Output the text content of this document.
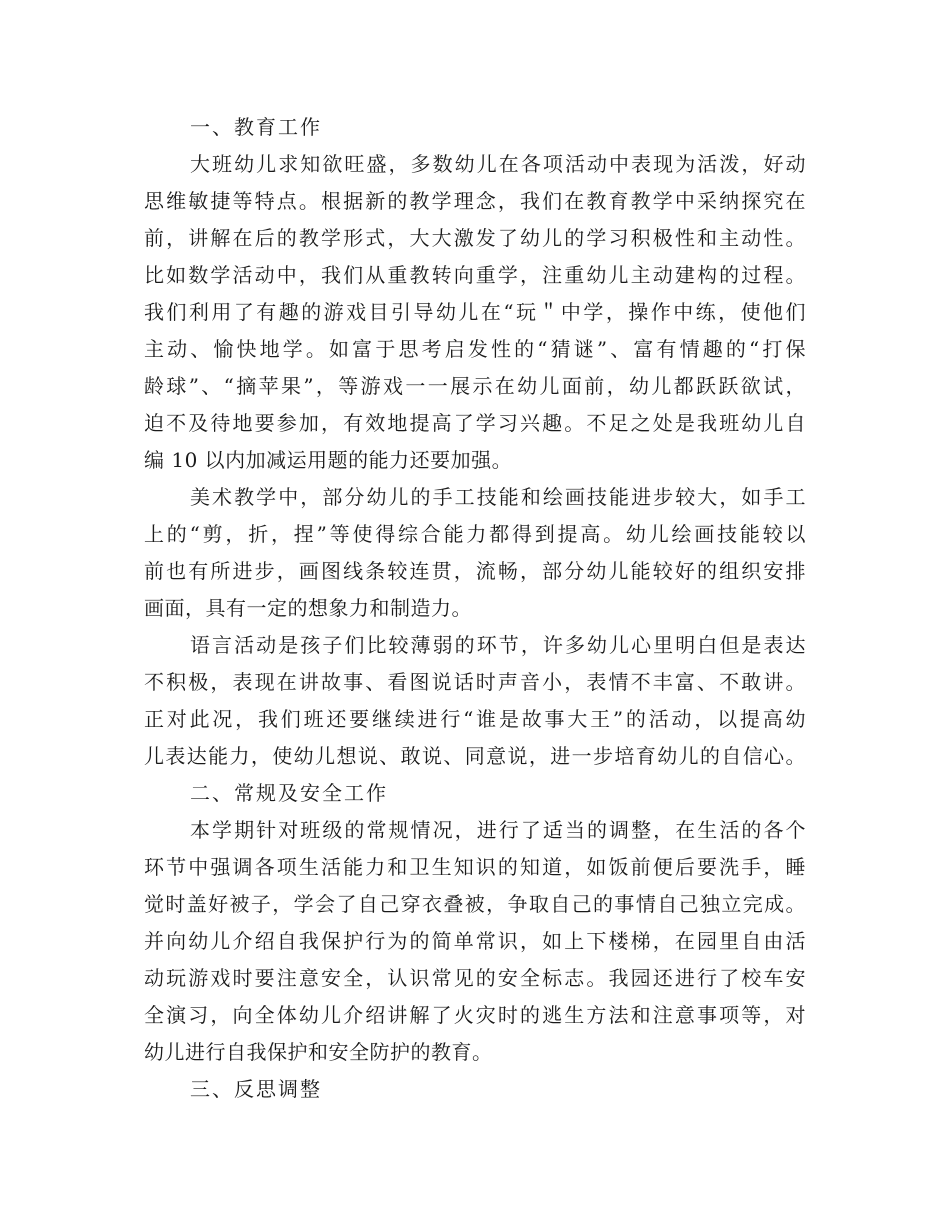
一、教育工作
大班幼儿求知欲旺盛，多数幼儿在各项活动中表现为活泼，好动
思维敏捷等特点。根据新的教学理念，我们在教育教学中采纳探究在
前，讲解在后的教学形式，大大激发了幼儿的学习积极性和主动性。
比如数学活动中，我们从重教转向重学，注重幼儿主动建构的过程。
我们利用了有趣的游戏目引导幼儿在“玩＂中学，操作中练，使他们
主动、愉快地学。如富于思考启发性的“猜谜”、富有情趣的“打保
龄球”、“摘苹果”，等游戏一一展示在幼儿面前，幼儿都跃跃欲试，
迫不及待地要参加，有效地提高了学习兴趣。不足之处是我班幼儿自
编 10 以内加减运用题的能力还要加强。
美术教学中，部分幼儿的手工技能和绘画技能进步较大，如手工
上的“剪，折，捏”等使得综合能力都得到提高。幼儿绘画技能较以
前也有所进步，画图线条较连贯，流畅，部分幼儿能较好的组织安排
画面，具有一定的想象力和制造力。
语言活动是孩子们比较薄弱的环节，许多幼儿心里明白但是表达
不积极，表现在讲故事、看图说话时声音小，表情不丰富、不敢讲。
正对此况，我们班还要继续进行“谁是故事大王”的活动，以提高幼
儿表达能力，使幼儿想说、敢说、同意说，进一步培育幼儿的自信心。
二、常规及安全工作
本学期针对班级的常规情况，进行了适当的调整，在生活的各个
环节中强调各项生活能力和卫生知识的知道，如饭前便后要洗手，睡
觉时盖好被子，学会了自己穿衣叠被，争取自己的事情自己独立完成。
并向幼儿介绍自我保护行为的简单常识，如上下楼梯，在园里自由活
动玩游戏时要注意安全，认识常见的安全标志。我园还进行了校车安
全演习，向全体幼儿介绍讲解了火灾时的逃生方法和注意事项等，对
幼儿进行自我保护和安全防护的教育。
三、反思调整
